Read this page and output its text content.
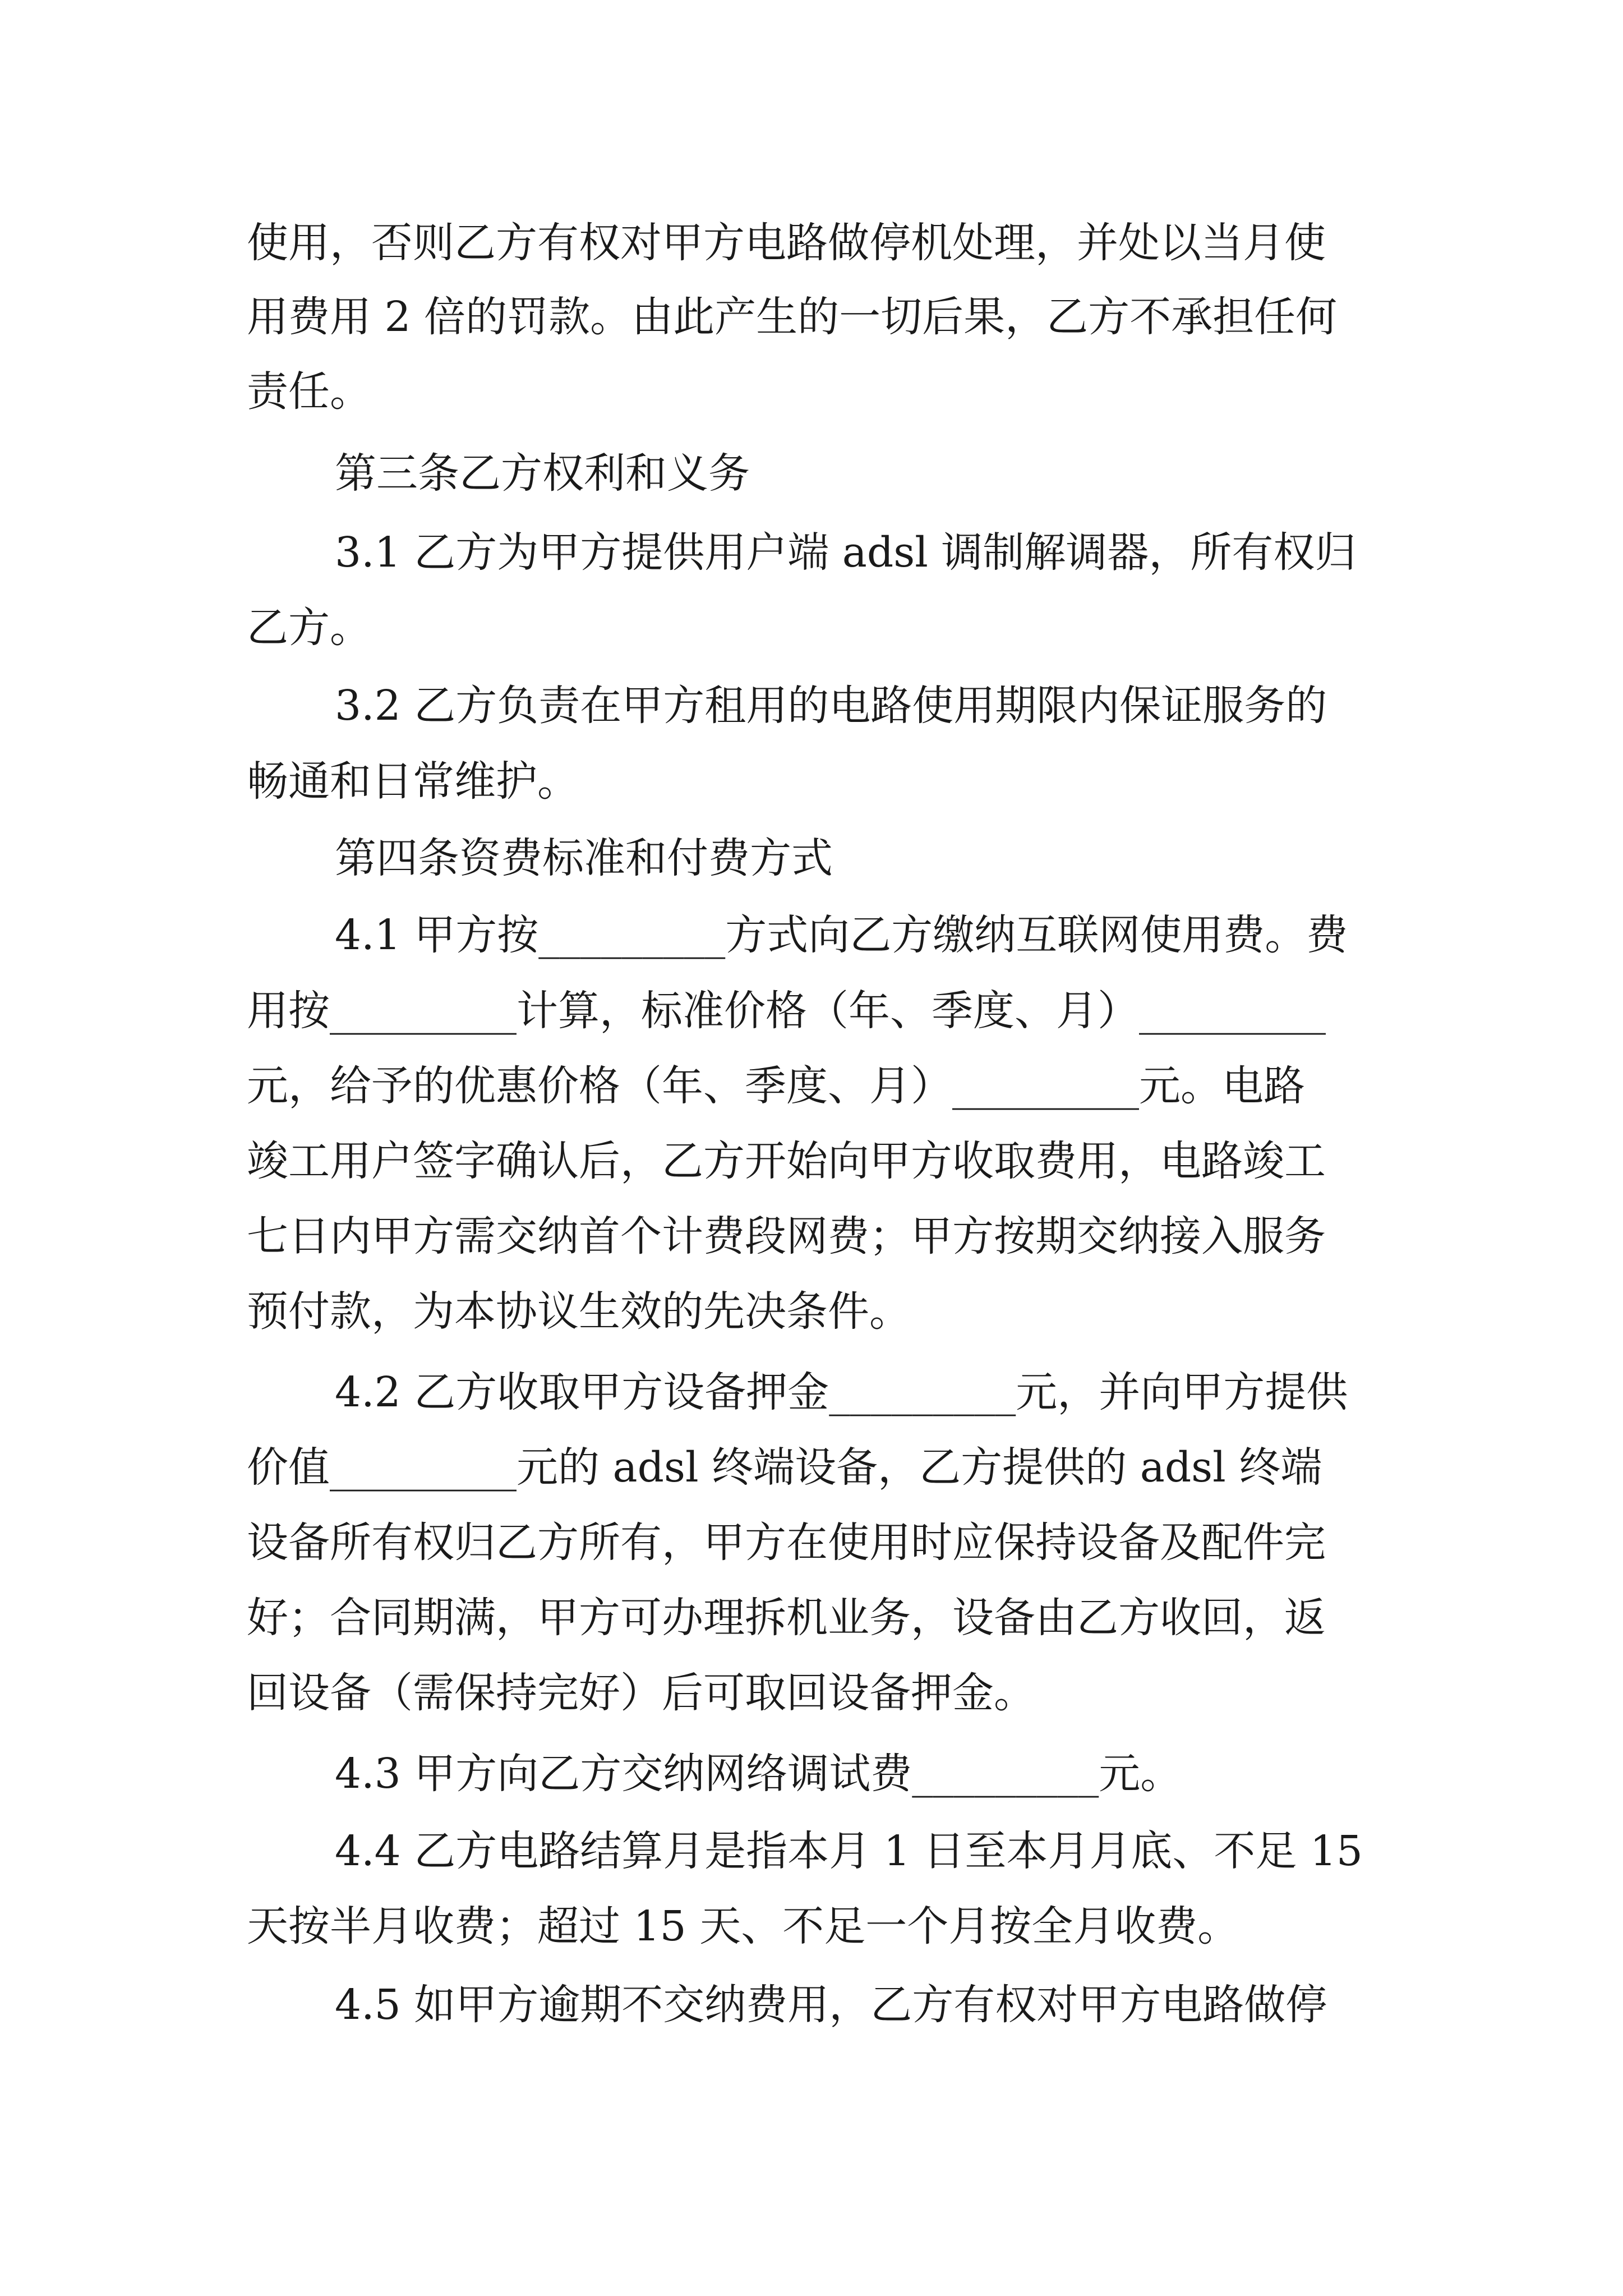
使用，否则乙方有权对甲方电路做停机处理，并处以当月使

用费用 2 倍的罚款。由此产生的一切后果，乙方不承担任何

责任。

第三条乙方权利和义务

3.1 乙方为甲方提供用户端 adsl 调制解调器，所有权归

乙方。

3.2 乙方负责在甲方租用的电路使用期限内保证服务的

畅通和日常维护。

第四条资费标准和付费方式

4.1 甲方按_________方式向乙方缴纳互联网使用费。费

用按_________计算，标准价格（年、季度、月）_________

元，给予的优惠价格（年、季度、月）_________元。电路

竣工用户签字确认后，乙方开始向甲方收取费用，电路竣工

七日内甲方需交纳首个计费段网费；甲方按期交纳接入服务

预付款，为本协议生效的先决条件。

4.2 乙方收取甲方设备押金_________元，并向甲方提供

价值_________元的 adsl 终端设备，乙方提供的 adsl 终端

设备所有权归乙方所有，甲方在使用时应保持设备及配件完

好；合同期满，甲方可办理拆机业务，设备由乙方收回，返

回设备（需保持完好）后可取回设备押金。

4.3 甲方向乙方交纳网络调试费_________元。

4.4 乙方电路结算月是指本月 1 日至本月月底、不足 15

天按半月收费；超过 15 天、不足一个月按全月收费。

4.5 如甲方逾期不交纳费用，乙方有权对甲方电路做停
